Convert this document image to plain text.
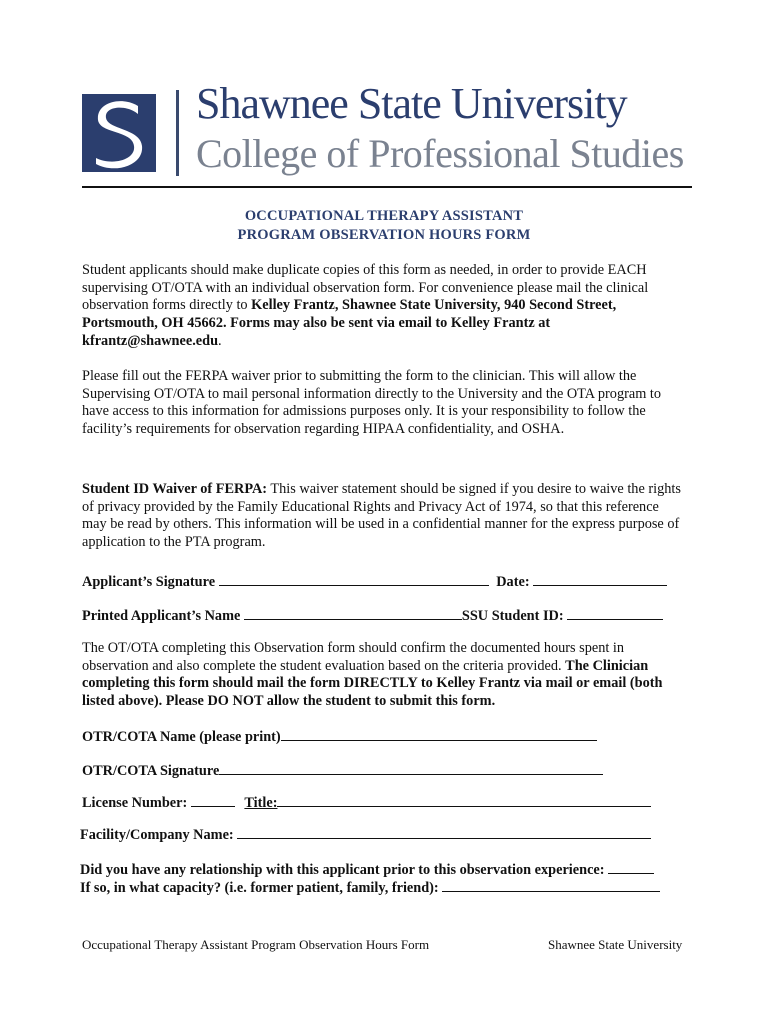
Shawnee State University
College of Professional Studies
OCCUPATIONAL THERAPY ASSISTANT
PROGRAM OBSERVATION HOURS FORM
Student applicants should make duplicate copies of this form as needed, in order to provide EACH supervising OT/OTA with an individual observation form. For convenience please mail the clinical observation forms directly to Kelley Frantz, Shawnee State University, 940 Second Street, Portsmouth, OH 45662. Forms may also be sent via email to Kelley Frantz at kfrantz@shawnee.edu.
Please fill out the FERPA waiver prior to submitting the form to the clinician. This will allow the Supervising OT/OTA to mail personal information directly to the University and the OTA program to have access to this information for admissions purposes only. It is your responsibility to follow the facility’s requirements for observation regarding HIPAA confidentiality, and OSHA.
Student ID Waiver of FERPA: This waiver statement should be signed if you desire to waive the rights of privacy provided by the Family Educational Rights and Privacy Act of 1974, so that this reference may be read by others. This information will be used in a confidential manner for the express purpose of application to the PTA program.
Applicant’s Signature	Date:
Printed Applicant’s Name	SSU Student ID:
The OT/OTA completing this Observation form should confirm the documented hours spent in observation and also complete the student evaluation based on the criteria provided. The Clinician completing this form should mail the form DIRECTLY to Kelley Frantz via mail or email (both listed above). Please DO NOT allow the student to submit this form.
OTR/COTA Name (please print)
OTR/COTA Signature
License Number:	Title:
Facility/Company Name:
Did you have any relationship with this applicant prior to this observation experience:
If so, in what capacity? (i.e. former patient, family, friend):
Occupational Therapy Assistant Program Observation Hours Form	Shawnee State University
